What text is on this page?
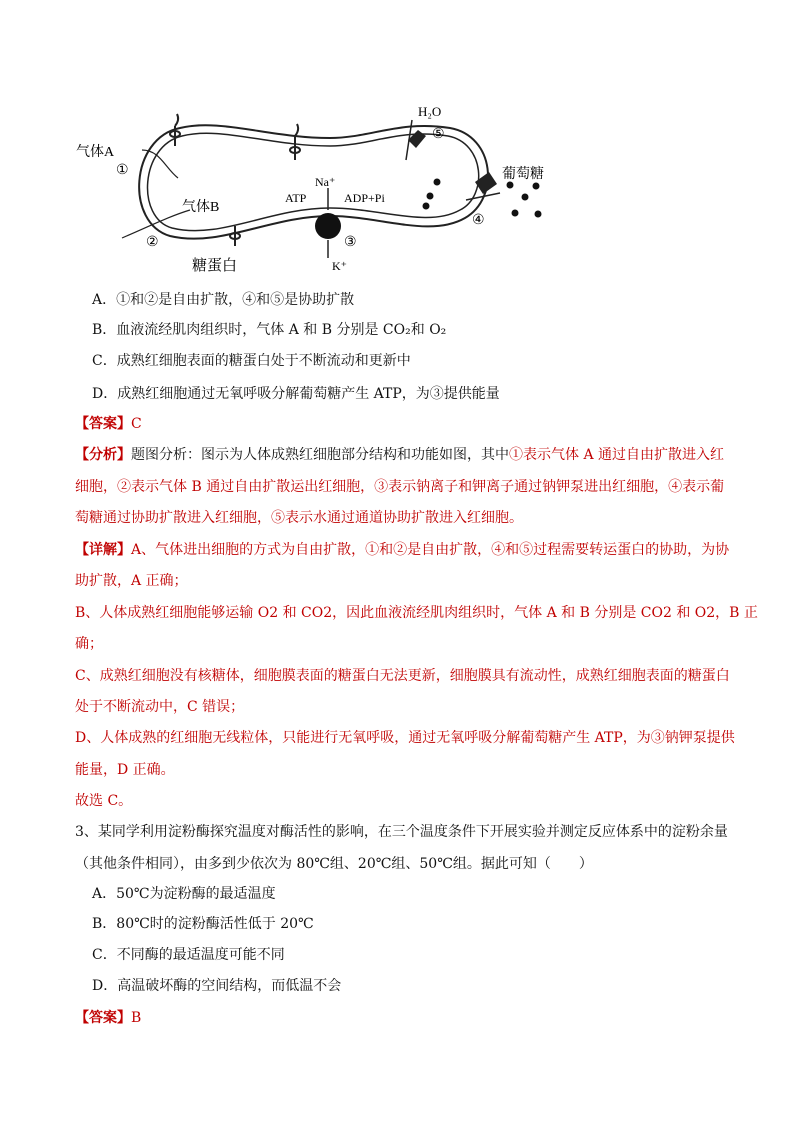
气体A
①
气体B
②
糖蛋白
Na⁺
ATP	ADP+Pi
③
K⁺
H₂O
⑤
葡萄糖
④
A．①和②是自由扩散，④和⑤是协助扩散
B．血液流经肌肉组织时，气体 A 和 B 分别是 CO₂和 O₂
C．成熟红细胞表面的糖蛋白处于不断流动和更新中
D．成熟红细胞通过无氧呼吸分解葡萄糖产生 ATP，为③提供能量
【答案】C
【分析】题图分析：图示为人体成熟红细胞部分结构和功能如图，其中①表示气体 A 通过自由扩散进入红
细胞，②表示气体 B 通过自由扩散运出红细胞，③表示钠离子和钾离子通过钠钾泵进出红细胞，④表示葡
萄糖通过协助扩散进入红细胞，⑤表示水通过通道协助扩散进入红细胞。
【详解】A、气体进出细胞的方式为自由扩散，①和②是自由扩散，④和⑤过程需要转运蛋白的协助，为协
助扩散，A 正确；
B、人体成熟红细胞能够运输 O2 和 CO2，因此血液流经肌肉组织时，气体 A 和 B 分别是 CO2 和 O2，B 正
确；
C、成熟红细胞没有核糖体，细胞膜表面的糖蛋白无法更新，细胞膜具有流动性，成熟红细胞表面的糖蛋白
处于不断流动中，C 错误；
D、人体成熟的红细胞无线粒体，只能进行无氧呼吸，通过无氧呼吸分解葡萄糖产生 ATP，为③钠钾泵提供
能量，D 正确。
故选 C。
3、某同学利用淀粉酶探究温度对酶活性的影响，在三个温度条件下开展实验并测定反应体系中的淀粉余量
（其他条件相同），由多到少依次为 80℃组、20℃组、50℃组。据此可知（　　）
A．50℃为淀粉酶的最适温度
B．80℃时的淀粉酶活性低于 20℃
C．不同酶的最适温度可能不同
D．高温破坏酶的空间结构，而低温不会
【答案】B
